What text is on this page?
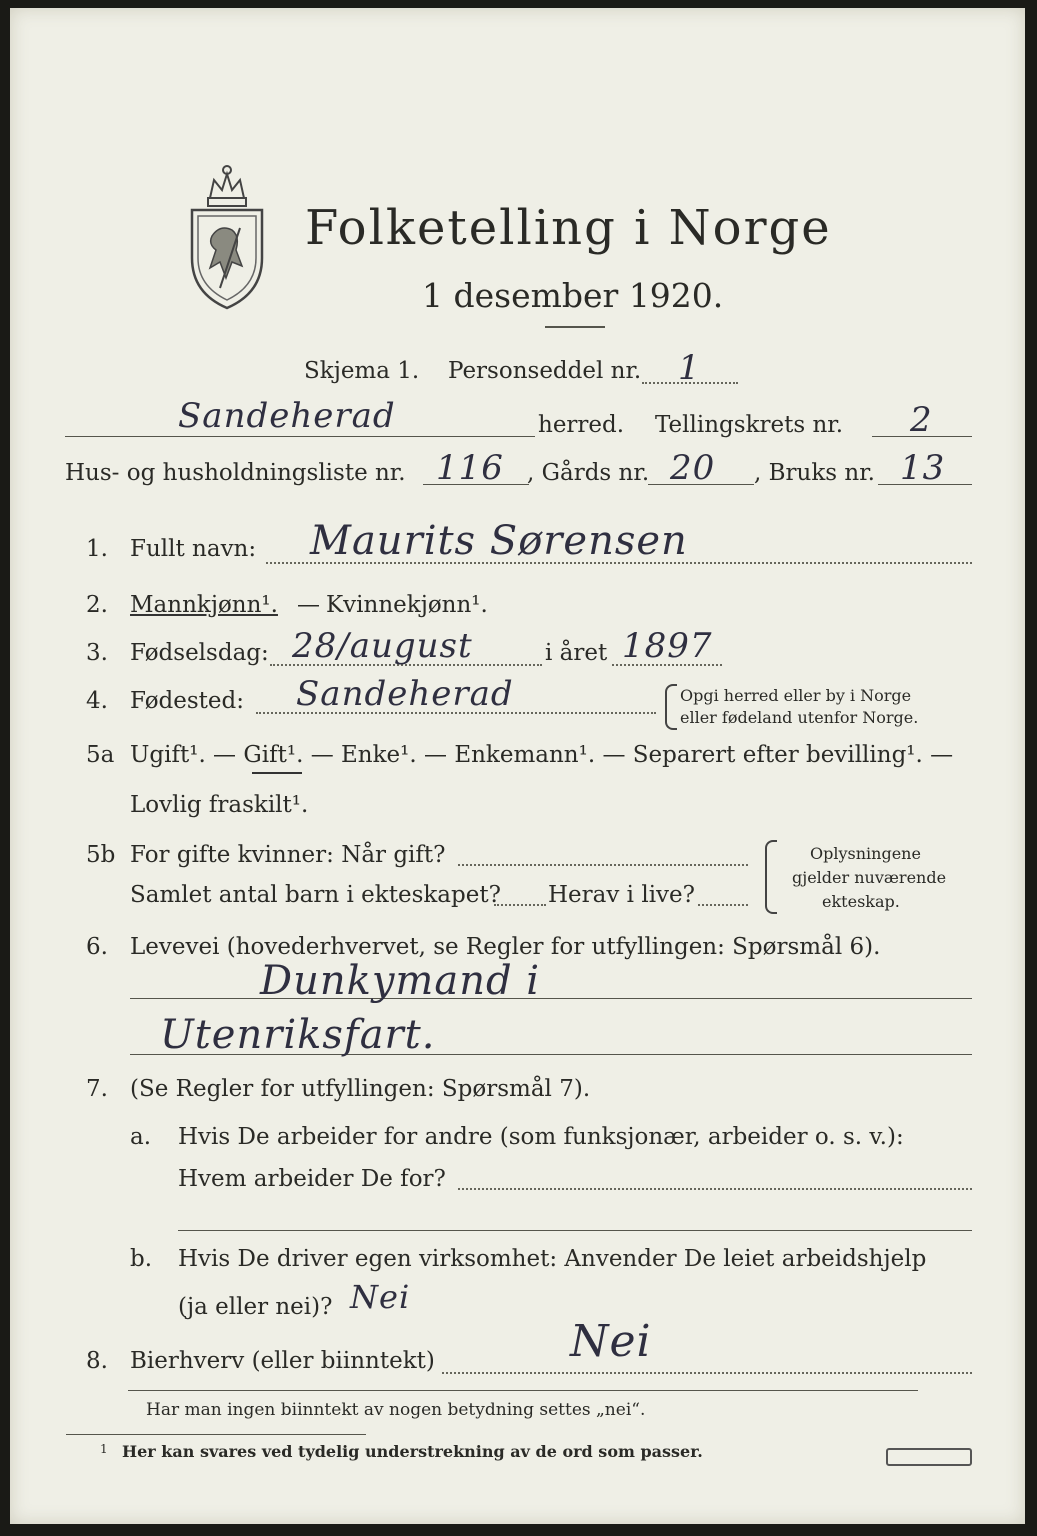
Folketelling i Norge
1 desember 1920.
Skjema 1. Personseddel nr. 1
Sandeherad	herred. Tellingskrets nr. 2
Hus- og husholdningsliste nr. 116 , Gårds nr. 20 , Bruks nr. 13
1. Fullt navn: Maurits Sørensen
2. Mannkjønn¹. — Kvinnekjønn¹.
3. Fødselsdag: 28/august	i året 1897
4. Fødested: Sandeherad	Opgi herred eller by i Norge
eller fødeland utenfor Norge.
5a Ugift¹. — Gift¹. — Enke¹. — Enkemann¹. — Separert efter bevilling¹. —
Lovlig fraskilt¹.
5b For gifte kvinner: Når gift?
Samlet antal barn i ekteskapet? Herav i live?
Oplysningene
gjelder nuværende
ekteskap.
6. Levevei (hovederhvervet, se Regler for utfyllingen: Spørsmål 6).
Dunkymand i
Utenriksfart.
7. (Se Regler for utfyllingen: Spørsmål 7).
a. Hvis De arbeider for andre (som funksjonær, arbeider o. s. v.):
Hvem arbeider De for?
b. Hvis De driver egen virksomhet: Anvender De leiet arbeidshjelp
(ja eller nei)? Nei
8. Bierhverv (eller biinntekt)	Nei
Har man ingen biinntekt av nogen betydning settes „nei“.
1 Her kan svares ved tydelig understrekning av de ord som passer.
